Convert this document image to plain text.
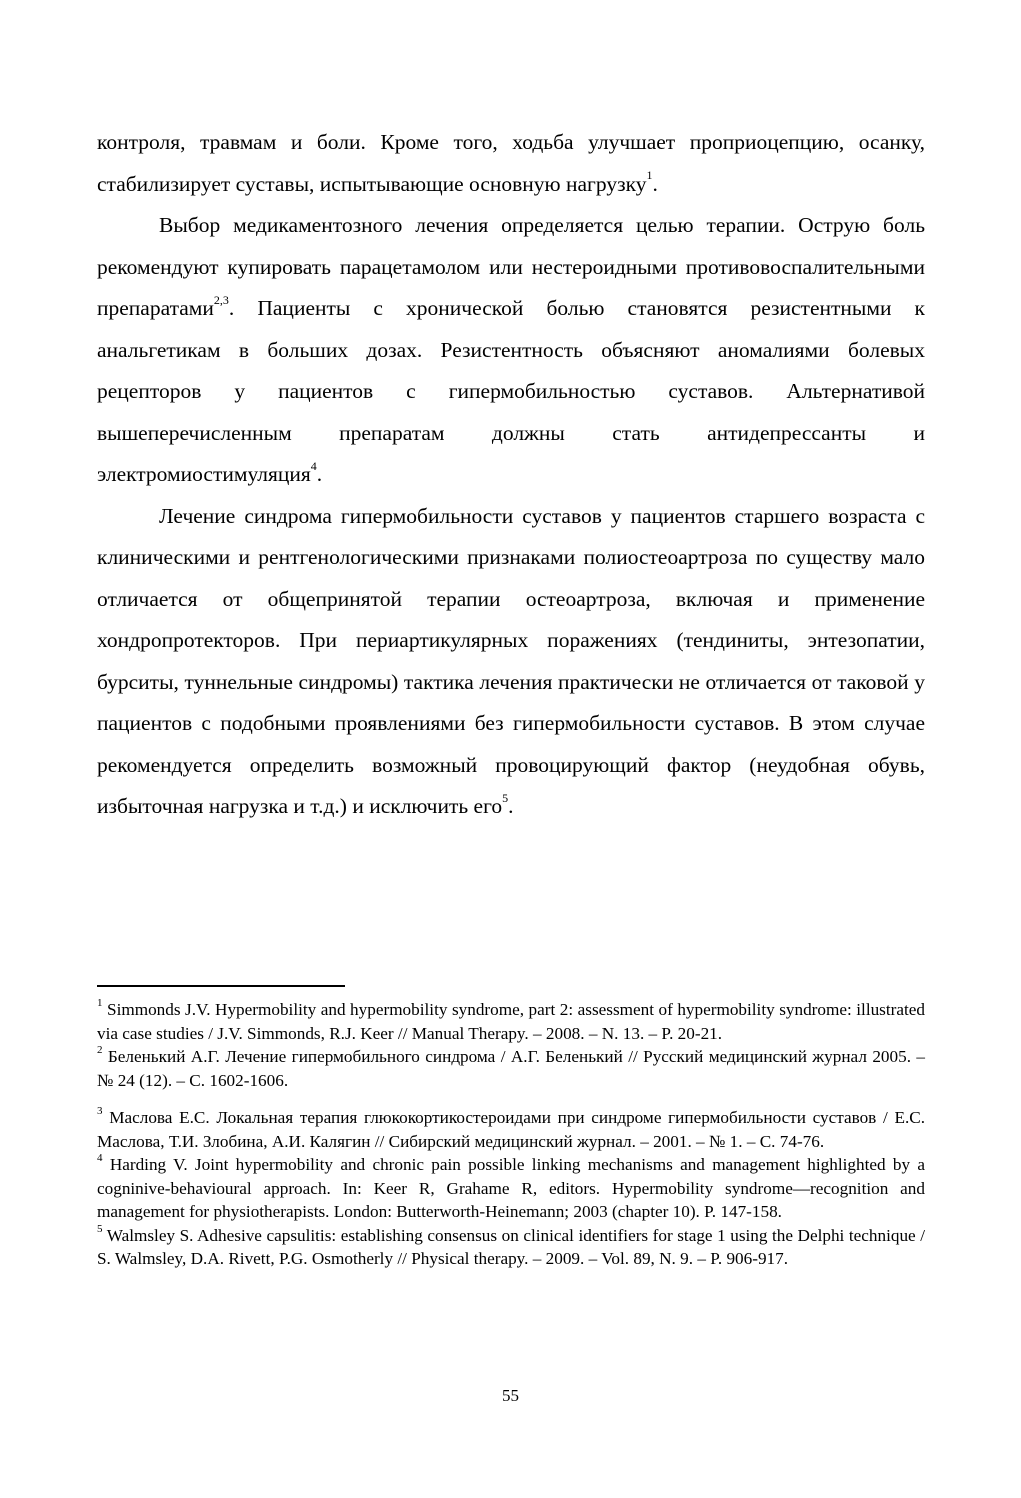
контроля, травмам и боли. Кроме того, ходьба улучшает проприоцепцию, осанку, стабилизирует суставы, испытывающие основную нагрузку$^1$.

Выбор медикаментозного лечения определяется целью терапии. Острую боль рекомендуют купировать парацетамолом или нестероидными противовоспалительными препаратами$^{2,3}$. Пациенты с хронической болью становятся резистентными к анальгетикам в больших дозах. Резистентность объясняют аномалиями болевых рецепторов у пациентов с гипермобильностью суставов. Альтернативой вышеперечисленным препаратам должны стать антидепрессанты и электромиостимуляция$^4$.

Лечение синдрома гипермобильности суставов у пациентов старшего возраста с клиническими и рентгенологическими признаками полиостеоартроза по существу мало отличается от общепринятой терапии остеоартроза, включая и применение хондропротекторов. При периартикулярных поражениях (тендиниты, энтезопатии, бурситы, туннельные синдромы) тактика лечения практически не отличается от таковой у пациентов с подобными проявлениями без гипермобильности суставов. В этом случае рекомендуется определить возможный провоцирующий фактор (неудобная обувь, избыточная нагрузка и т.д.) и исключить его$^5$.

$^1$ Simmonds J.V. Hypermobility and hypermobility syndrome, part 2: assessment of hypermobility syndrome: illustrated via case studies / J.V. Simmonds, R.J. Keer // Manual Therapy. – 2008. – N. 13. – P. 20-21.

$^2$ Беленький А.Г. Лечение гипермобильного синдрома / А.Г. Беленький // Русский медицинский журнал 2005. – № 24 (12). – С. 1602-1606.

$^3$ Маслова Е.С. Локальная терапия глюкокортикостероидами при синдроме гипермобильности суставов / Е.С. Маслова, Т.И. Злобина, А.И. Калягин // Сибирский медицинский журнал. – 2001. – № 1. – С. 74-76.

$^4$ Harding V. Joint hypermobility and chronic pain possible linking mechanisms and management highlighted by a cogninive-behavioural approach. In: Keer R, Grahame R, editors. Hypermobility syndrome—recognition and management for physiotherapists. London: Butterworth-Heinemann; 2003 (chapter 10). P. 147-158.

$^5$ Walmsley S. Adhesive capsulitis: establishing consensus on clinical identifiers for stage 1 using the Delphi technique / S. Walmsley, D.A. Rivett, P.G. Osmotherly // Physical therapy. – 2009. – Vol. 89, N. 9. – P. 906-917.

55
